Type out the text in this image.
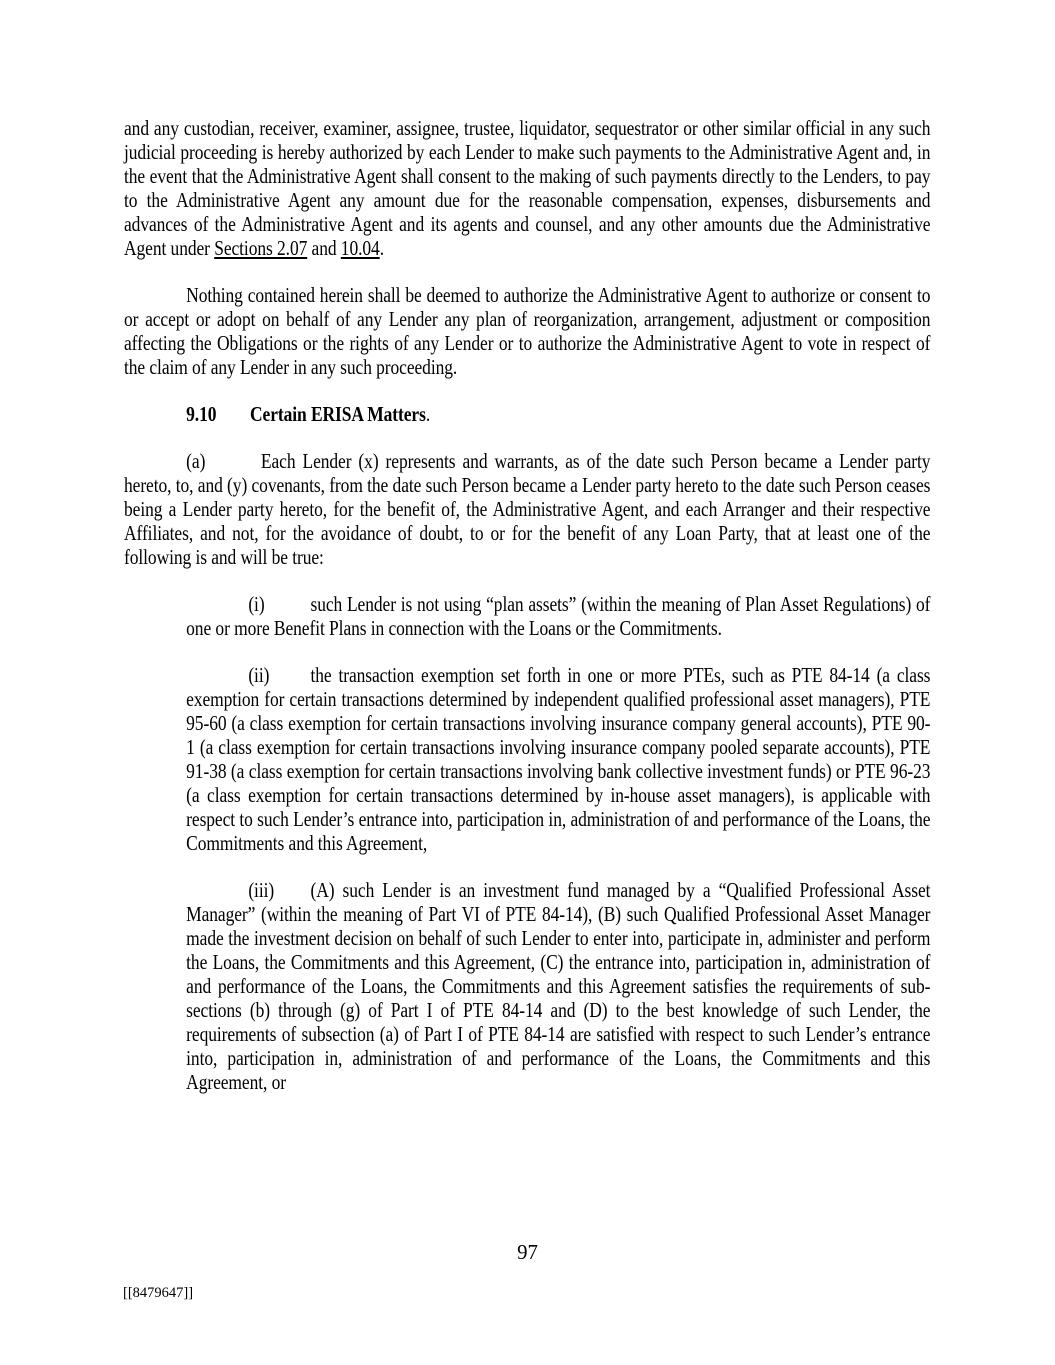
and any custodian, receiver, examiner, assignee, trustee, liquidator, sequestrator or other similar official in any such judicial proceeding is hereby authorized by each Lender to make such payments to the Administrative Agent and, in the event that the Administrative Agent shall consent to the making of such payments directly to the Lenders, to pay to the Administrative Agent any amount due for the reasonable compensation, expenses, disbursements and advances of the Administrative Agent and its agents and counsel, and any other amounts due the Administrative Agent under Sections 2.07 and 10.04.

Nothing contained herein shall be deemed to authorize the Administrative Agent to authorize or consent to or accept or adopt on behalf of any Lender any plan of reorganization, arrangement, adjustment or composition affecting the Obligations or the rights of any Lender or to authorize the Administrative Agent to vote in respect of the claim of any Lender in any such proceeding.

9.10 Certain ERISA Matters.

(a)	Each Lender (x) represents and warrants, as of the date such Person became a Lender party hereto, to, and (y) covenants, from the date such Person became a Lender party hereto to the date such Person ceases being a Lender party hereto, for the benefit of, the Administrative Agent, and each Arranger and their respective Affiliates, and not, for the avoidance of doubt, to or for the benefit of any Loan Party, that at least one of the following is and will be true:

(i) such Lender is not using “plan assets” (within the meaning of Plan Asset Regulations) of one or more Benefit Plans in connection with the Loans or the Commitments.

(ii) the transaction exemption set forth in one or more PTEs, such as PTE 84-14 (a class exemption for certain transactions determined by independent qualified professional asset managers), PTE 95-60 (a class exemption for certain transactions involving insurance company general accounts), PTE 90-1 (a class exemption for certain transactions involving insurance company pooled separate accounts), PTE 91-38 (a class exemption for certain transactions involving bank collective investment funds) or PTE 96-23 (a class exemption for certain transactions determined by in-house asset managers), is applicable with respect to such Lender’s entrance into, participation in, administration of and performance of the Loans, the Commitments and this Agreement,

(iii) (A) such Lender is an investment fund managed by a “Qualified Professional Asset Manager” (within the meaning of Part VI of PTE 84-14), (B) such Qualified Professional Asset Manager made the investment decision on behalf of such Lender to enter into, participate in, administer and perform the Loans, the Commitments and this Agreement, (C) the entrance into, participation in, administration of and performance of the Loans, the Commitments and this Agreement satisfies the requirements of sub-sections (b) through (g) of Part I of PTE 84-14 and (D) to the best knowledge of such Lender, the requirements of subsection (a) of Part I of PTE 84-14 are satisfied with respect to such Lender’s entrance into, participation in, administration of and performance of the Loans, the Commitments and this Agreement, or

97
[[8479647]]
